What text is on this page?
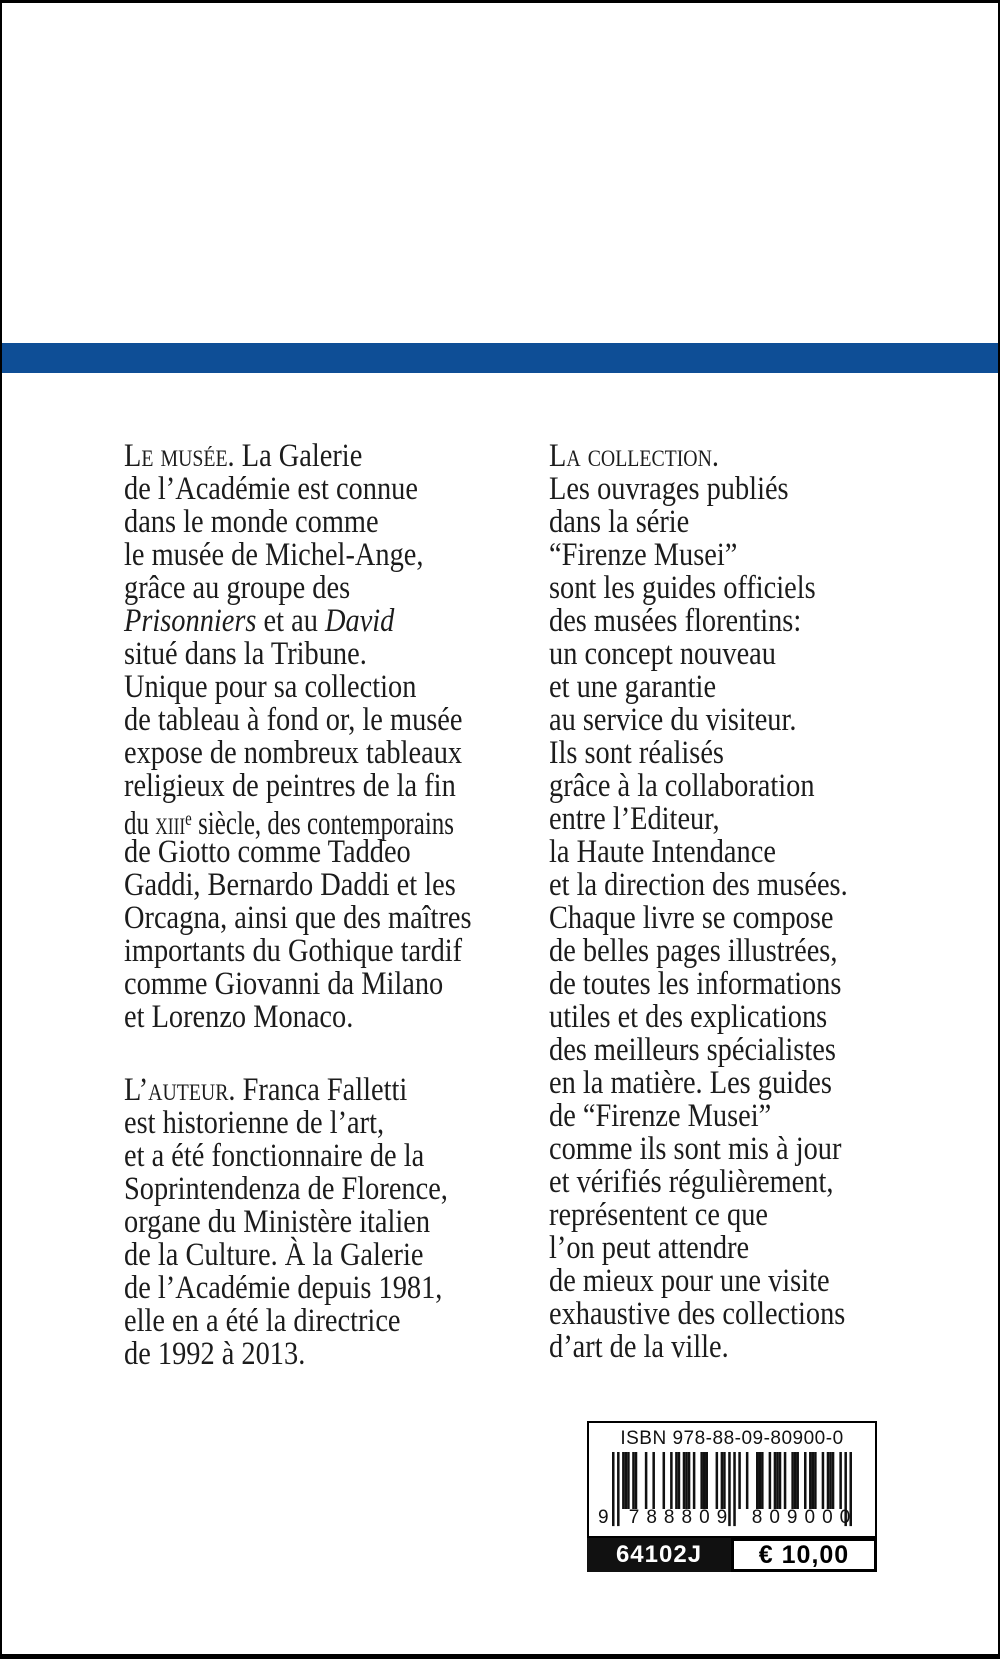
Le musée. La Galerie
de l’Académie est connue
dans le monde comme
le musée de Michel-Ange,
grâce au groupe des
Prisonniers et au David
situé dans la Tribune.
Unique pour sa collection
de tableau à fond or, le musée
expose de nombreux tableaux
religieux de peintres de la fin
du xiii$^e$ siècle, des contemporains
de Giotto comme Taddeo
Gaddi, Bernardo Daddi et les
Orcagna, ainsi que des maîtres
importants du Gothique tardif
comme Giovanni da Milano
et Lorenzo Monaco.
L’auteur. Franca Falletti
est historienne de l’art,
et a été fonctionnaire de la
Soprintendenza de Florence,
organe du Ministère italien
de la Culture. À la Galerie
de l’Académie depuis 1981,
elle en a été la directrice
de 1992 à 2013.
La collection.
Les ouvrages publiés
dans la série
“Firenze Musei”
sont les guides officiels
des musées florentins:
un concept nouveau
et une garantie
au service du visiteur.
Ils sont réalisés
grâce à la collaboration
entre l’Editeur,
la Haute Intendance
et la direction des musées.
Chaque livre se compose
de belles pages illustrées,
de toutes les informations
utiles et des explications
des meilleurs spécialistes
en la matière. Les guides
de “Firenze Musei”
comme ils sont mis à jour
et vérifiés régulièrement,
représentent ce que
l’on peut attendre
de mieux pour une visite
exhaustive des collections
d’art de la ville.
ISBN 978-88-09-80900-0
9	788809 809000
64102J	€ 10,00
